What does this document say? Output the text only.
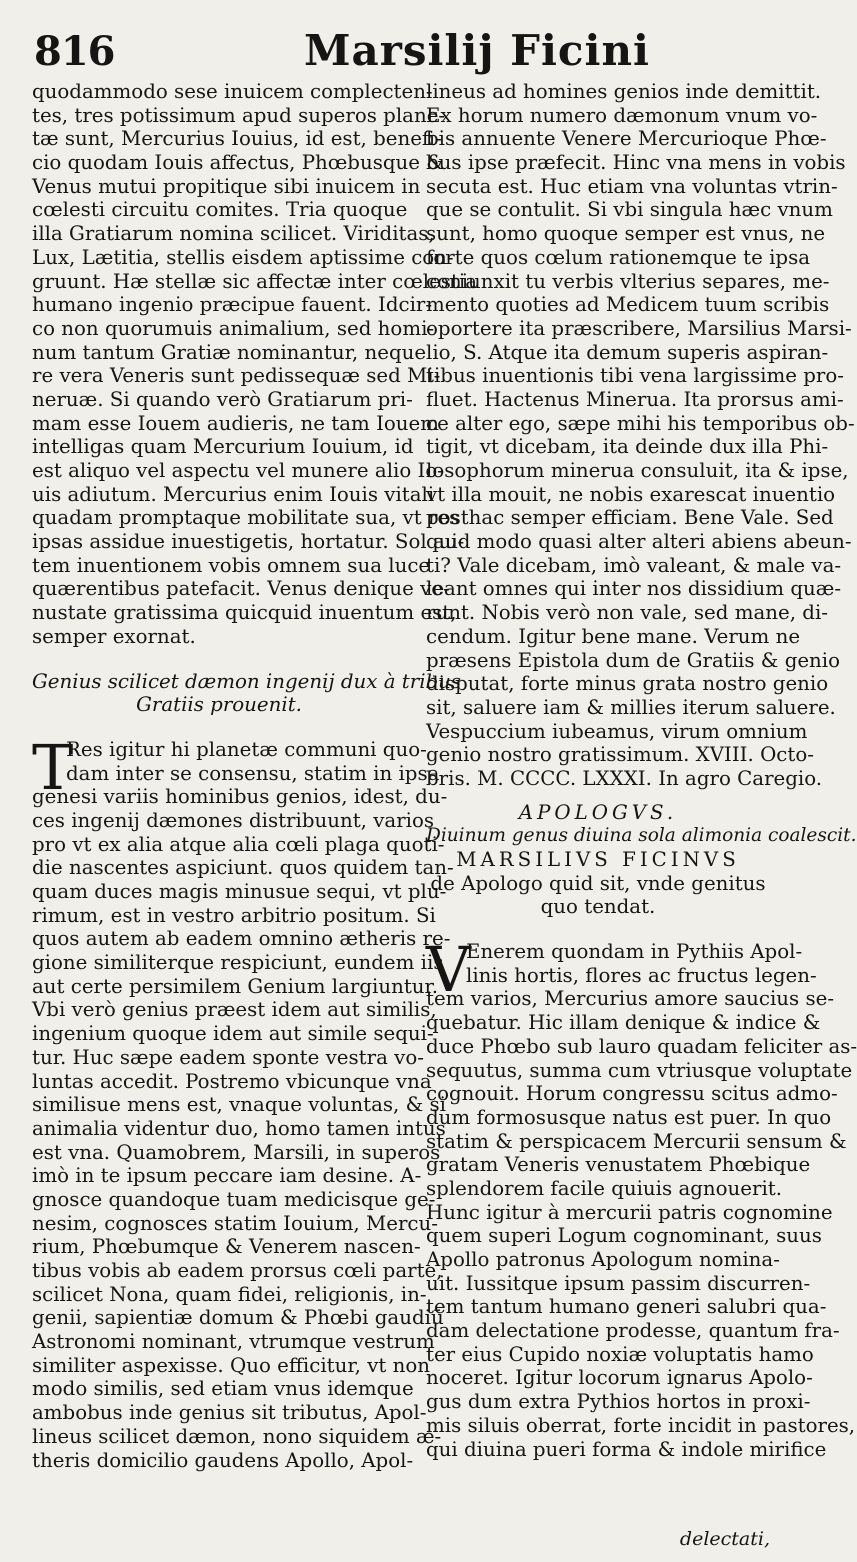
816	Marsilij Ficini
quodammodo sese inuicem complecten-
tes, tres potissimum apud superos plane-
tæ sunt, Mercurius Iouius, id est, benefi-
cio quodam Iouis affectus, Phœbusque &
Venus mutui propitique sibi inuicem in
cœlesti circuitu comites. Tria quoque
illa Gratiarum nomina scilicet. Viriditas,
Lux, Lætitia, stellis eisdem aptissime con-
gruunt. Hæ stellæ sic affectæ inter cœlestia
humano ingenio præcipue fauent. Idcir-
co non quorumuis animalium, sed homi-
num tantum Gratiæ nominantur, neque
re vera Veneris sunt pedissequæ sed Mi-
neruæ. Si quando verò Gratiarum pri-
mam esse Iouem audieris, ne tam Iouem
intelligas quam Mercurium Iouium, id
est aliquo vel aspectu vel munere alio Io-
uis adiutum. Mercurius enim Iouis vitali
quadam promptaque mobilitate sua, vt res
ipsas assidue inuestigetis, hortatur. Sol au-
tem inuentionem vobis omnem sua luce
quærentibus patefacit. Venus denique ve-
nustate gratissima quicquid inuentum est,
semper exornat.
Genius scilicet dæmon ingenij dux à tribus
Gratiis prouenit.
T
Res igitur hi planetæ communi quo-
dam inter se consensu, statim in ipsa
genesi variis hominibus genios, idest, du-
ces ingenij dæmones distribuunt, varios
pro vt ex alia atque alia cœli plaga quoti-
die nascentes aspiciunt. quos quidem tan-
quam duces magis minusue sequi, vt plu-
rimum, est in vestro arbitrio positum. Si
quos autem ab eadem omnino ætheris re-
gione similiterque respiciunt, eundem iis
aut certe persimilem Genium largiuntur.
Vbi verò genius præest idem aut similis,
ingenium quoque idem aut simile sequi-
tur. Huc sæpe eadem sponte vestra vo-
luntas accedit. Postremo vbicunque vna
similisue mens est, vnaque voluntas, & si
animalia videntur duo, homo tamen intus
est vna. Quamobrem, Marsili, in superos
imò in te ipsum peccare iam desine. A-
gnosce quandoque tuam medicisque ge-
nesim, cognosces statim Iouium, Mercu-
rium, Phœbumque & Venerem nascen-
tibus vobis ab eadem prorsus cœli parte,
scilicet Nona, quam fidei, religionis, in-
genii, sapientiæ domum & Phœbi gaudiū
Astronomi nominant, vtrumque vestrum
similiter aspexisse. Quo efficitur, vt non
modo similis, sed etiam vnus idemque
ambobus inde genius sit tributus, Apol-
lineus scilicet dæmon, nono siquidem æ-
theris domicilio gaudens Apollo, Apol-
lineus ad homines genios inde demittit.
Ex horum numero dæmonum vnum vo-
bis annuente Venere Mercurioque Phœ-
bus ipse præfecit. Hinc vna mens in vobis
secuta est. Huc etiam vna voluntas vtrin-
que se contulit. Si vbi singula hæc vnum
sunt, homo quoque semper est vnus, ne
forte quos cœlum rationemque te ipsa
coniunxit tu verbis vlterius separes, me-
mento quoties ad Medicem tuum scribis
oportere ita præscribere, Marsilius Marsi-
lio, S. Atque ita demum superis aspiran-
tibus inuentionis tibi vena largissime pro-
fluet. Hactenus Minerua. Ita prorsus ami-
ce alter ego, sæpe mihi his temporibus ob-
tigit, vt dicebam, ita deinde dux illa Phi-
losophorum minerua consuluit, ita & ipse,
vt illa mouit, ne nobis exarescat inuentio
posthac semper efficiam. Bene Vale. Sed
quid modo quasi alter alteri abiens abeun-
ti? Vale dicebam, imò valeant, & male va-
leant omnes qui inter nos dissidium quæ-
runt. Nobis verò non vale, sed mane, di-
cendum. Igitur bene mane. Verum ne
præsens Epistola dum de Gratiis & genio
disputat, forte minus grata nostro genio
sit, saluere iam & millies iterum saluere.
Vespuccium iubeamus, virum omnium
genio nostro gratissimum. XVIII. Octo-
bris. M. CCCC. LXXXI. In agro Caregio.
APOLOGVS.
Diuinum genus diuina sola alimonia coalescit.
MARSILIVS FICINVS
de Apologo quid sit, vnde genitus
quo tendat.
V
Enerem quondam in Pythiis Apol-
linis hortis, flores ac fructus legen-
tem varios, Mercurius amore saucius se-
quebatur. Hic illam denique & indice &
duce Phœbo sub lauro quadam feliciter as-
sequutus, summa cum vtriusque voluptate
cognouit. Horum congressu scitus admo-
dum formosusque natus est puer. In quo
statim & perspicacem Mercurii sensum &
gratam Veneris venustatem Phœbique
splendorem facile quiuis agnouerit.
Hunc igitur à mercurii patris cognomine
quem superi Logum cognominant, suus
Apollo patronus Apologum nomina-
uit. Iussitque ipsum passim discurren-
tem tantum humano generi salubri qua-
dam delectatione prodesse, quantum fra-
ter eius Cupido noxiæ voluptatis hamo
noceret. Igitur locorum ignarus Apolo-
gus dum extra Pythios hortos in proxi-
mis siluis oberrat, forte incidit in pastores,
qui diuina pueri forma & indole mirifice
delectati,
